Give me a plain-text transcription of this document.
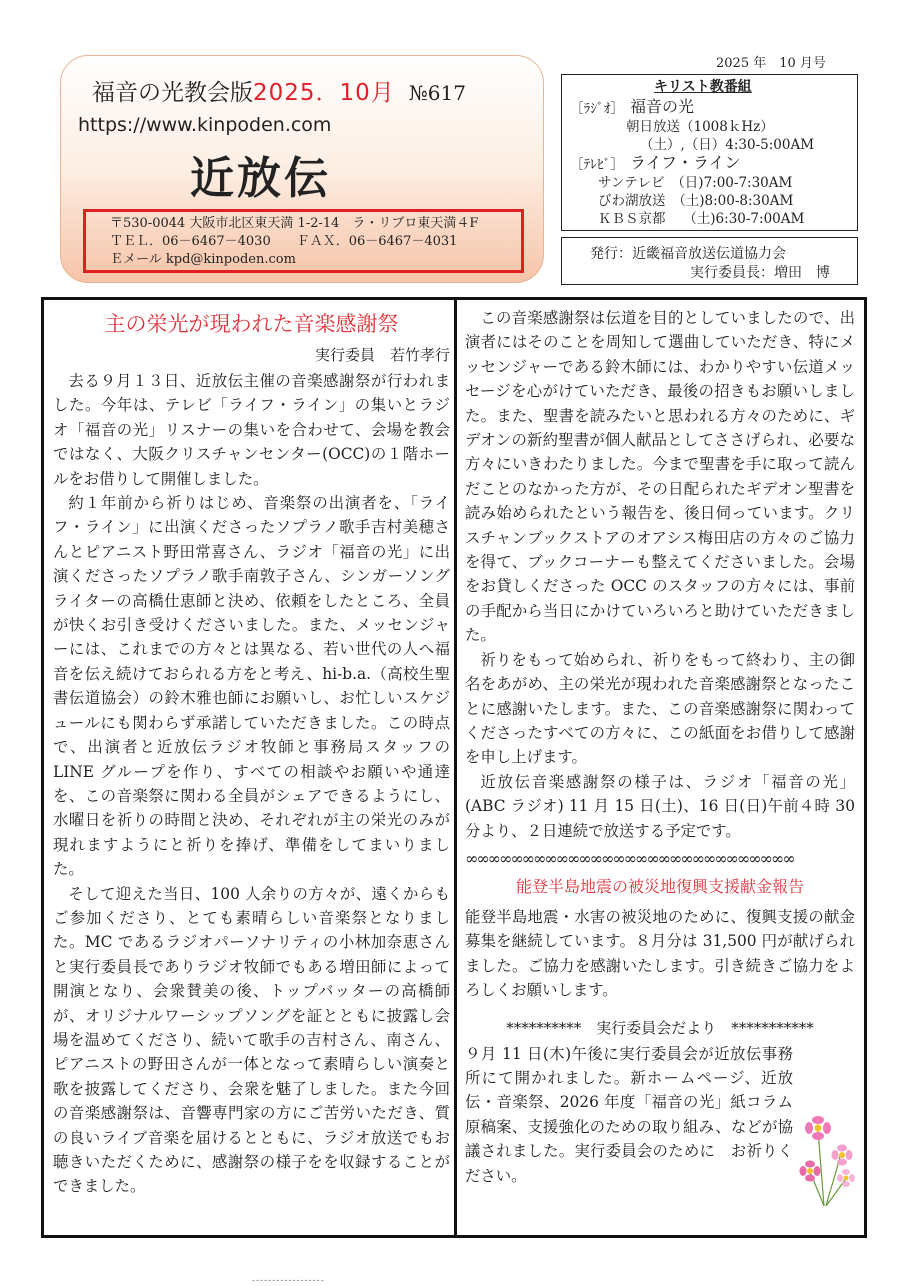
2025 年　10 月号
福音の光教会版2025．10月 №617
https://www.kinpoden.com
近放伝
〒530-0044 大阪市北区東天満 1-2-14　ラ・リブロ東天満４F
ＴＥＬ．06－6467－4030　　ＦＡＸ．06－6467－4031
Ｅメール kpd@kinpoden.com
キリスト教番組
［ﾗｼﾞｵ］ 福音の光
朝日放送（1008ｋHz）
（土）,（日）4:30-5:00AM
［ﾃﾚﾋﾞ］ ライフ・ライン
サンテレビ　（日)7:00-7:30AM
びわ湖放送　（土)8:00-8:30AM
ＫＢＳ京都　 （土)6:30-7:00AM
発行：近畿福音放送伝道協力会
実行委員長：増田　博
主の栄光が現われた音楽感謝祭
実行委員　若竹孝行

去る９月１３日、近放伝主催の音楽感謝祭が行われました。今年は、テレビ「ライフ・ライン」の集いとラジオ「福音の光」リスナーの集いを合わせて、会場を教会ではなく、大阪クリスチャンセンター(OCC)の１階ホールをお借りして開催しました。

約１年前から祈りはじめ、音楽祭の出演者を、「ライフ・ライン」に出演くださったソプラノ歌手吉村美穂さんとピアニスト野田常喜さん、ラジオ「福音の光」に出演くださったソプラノ歌手南敦子さん、シンガーソングライターの高橋仕恵師と決め、依頼をしたところ、全員が快くお引き受けくださいました。また、メッセンジャーには、これまでの方々とは異なる、若い世代の人へ福音を伝え続けておられる方をと考え、hi-b.a.（高校生聖書伝道協会）の鈴木雅也師にお願いし、お忙しいスケジュールにも関わらず承諾していただきました。この時点で、出演者と近放伝ラジオ牧師と事務局スタッフの LINE グループを作り、すべての相談やお願いや通達を、この音楽祭に関わる全員がシェアできるようにし、水曜日を祈りの時間と決め、それぞれが主の栄光のみが現れますようにと祈りを捧げ、準備をしてまいりました。

そして迎えた当日、100 人余りの方々が、遠くからもご参加くださり、とても素晴らしい音楽祭となりました。MC であるラジオパーソナリティの小林加奈恵さんと実行委員長でありラジオ牧師でもある増田師によって開演となり、会衆賛美の後、トップバッターの高橋師が、オリジナルワーシップソングを証とともに披露し会場を温めてくださり、続いて歌手の吉村さん、南さん、ピアニストの野田さんが一体となって素晴らしい演奏と歌を披露してくださり、会衆を魅了しました。また今回の音楽感謝祭は、音響専門家の方にご苦労いただき、質の良いライブ音楽を届けるとともに、ラジオ放送でもお聴きいただくために、感謝祭の様子をを収録することができました。

この音楽感謝祭は伝道を目的としていましたので、出演者にはそのことを周知して選曲していただき、特にメッセンジャーである鈴木師には、わかりやすい伝道メッセージを心がけていただき、最後の招きもお願いしました。また、聖書を読みたいと思われる方々のために、ギデオンの新約聖書が個人献品としてささげられ、必要な方々にいきわたりました。今まで聖書を手に取って読んだことのなかった方が、その日配られたギデオン聖書を読み始められたという報告を、後日伺っています。クリスチャンブックストアのオアシス梅田店の方々のご協力を得て、ブックコーナーも整えてくださいました。会場をお貸しくださった OCC のスタッフの方々には、事前の手配から当日にかけていろいろと助けていただきました。

祈りをもって始められ、祈りをもって終わり、主の御名をあがめ、主の栄光が現われた音楽感謝祭となったことに感謝いたします。また、この音楽感謝祭に関わってくださったすべての方々に、この紙面をお借りして感謝を申し上げます。

近放伝音楽感謝祭の様子は、ラジオ「福音の光」(ABC ラジオ) 11 月 15 日(土)、16 日(日)午前４時 30 分より、２日連続で放送する予定です。

∞∞∞∞∞∞∞∞∞∞∞∞∞∞∞∞∞∞∞∞∞∞∞∞∞∞∞∞∞
能登半島地震の被災地復興支援献金報告

能登半島地震・水害の被災地のために、復興支援の献金募集を継続しています。８月分は 31,500 円が献げられました。ご協力を感謝いたします。引き続きご協力をよろしくお願いします。

**********　実行委員会だより　***********

９月 11 日(木)午後に実行委員会が近放伝事務所にて開かれました。新ホームページ、近放伝・音楽祭、2026 年度「福音の光」紙コラム原稿案、支援強化のための取り組み、などが協議されました。実行委員会のために　お祈りください。

------------------
